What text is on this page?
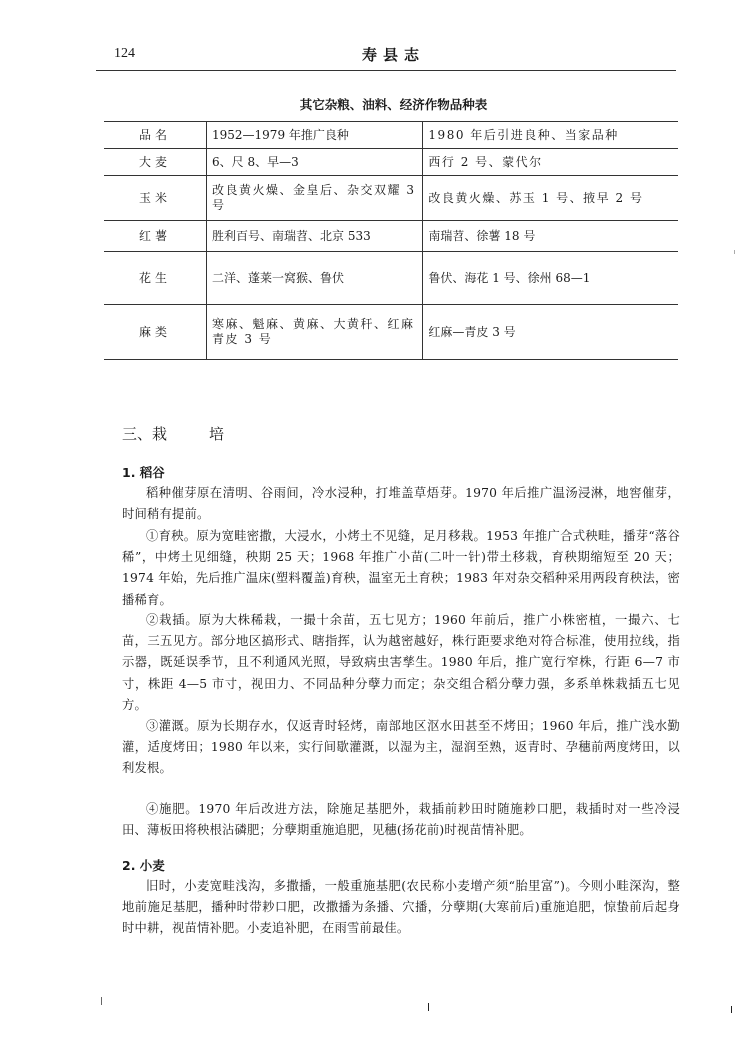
124	寿县志
其它杂粮、油料、经济作物品种表
品名	1952—1979 年推广良种	1980 年后引进良种、当家品种
大麦	6、尺 8、早—3	西行 2 号、蒙代尔
玉米	改良黄火燥、金皇后、杂交双耀 3 号	改良黄火燥、苏玉 1 号、掖早 2 号
红薯	胜利百号、南瑞苕、北京 533	南瑞苕、徐薯 18 号
花生	二洋、蓬莱一窝猴、鲁伏	鲁伏、海花 1 号、徐州 68—1
麻类	寒麻、魁麻、黄麻、大黄秆、红麻青皮 3 号	红麻—青皮 3 号
三、栽	培
1. 稻谷
稻种催芽原在清明、谷雨间，冷水浸种，打堆盖草焐芽。1970 年后推广温汤浸淋，地窖催芽，时间稍有提前。
①育秧。原为宽畦密撒，大浸水，小烤土不见缝，足月移栽。1953 年推广合式秧畦，播芽“落谷稀”，中烤土见细缝，秧期 25 天；1968 年推广小苗(二叶一针)带土移栽，育秧期缩短至 20 天；1974 年始，先后推广温床(塑料覆盖)育秧，温室无土育秧；1983 年对杂交稻种采用两段育秧法，密播稀育。
②栽插。原为大株稀栽，一撮十余苗，五七见方；1960 年前后，推广小株密植，一撮六、七苗，三五见方。部分地区搞形式、瞎指挥，认为越密越好，株行距要求绝对符合标准，使用拉线，指示器，既延误季节，且不利通风光照，导致病虫害孳生。1980 年后，推广宽行窄株，行距 6—7 市寸，株距 4—5 市寸，视田力、不同品种分孽力而定；杂交组合稻分孽力强，多系单株栽插五七见方。
③灌溉。原为长期存水，仅返青时轻烤，南部地区沤水田甚至不烤田；1960 年后，推广浅水勤灌，适度烤田；1980 年以来，实行间歇灌溉，以湿为主，湿润至熟，返青时、孕穗前两度烤田，以利发根。
④施肥。1970 年后改进方法，除施足基肥外，栽插前耖田时随施耖口肥，栽插时对一些冷浸田、薄板田将秧根沾磷肥；分孽期重施追肥，见穗(扬花前)时视苗情补肥。
2. 小麦
旧时，小麦宽畦浅沟，多撒播，一般重施基肥(农民称小麦增产须“胎里富”)。今则小畦深沟，整地前施足基肥，播种时带耖口肥，改撒播为条播、穴播，分孽期(大寒前后)重施追肥，惊蛰前后起身时中耕，视苗情补肥。小麦追补肥，在雨雪前最佳。
